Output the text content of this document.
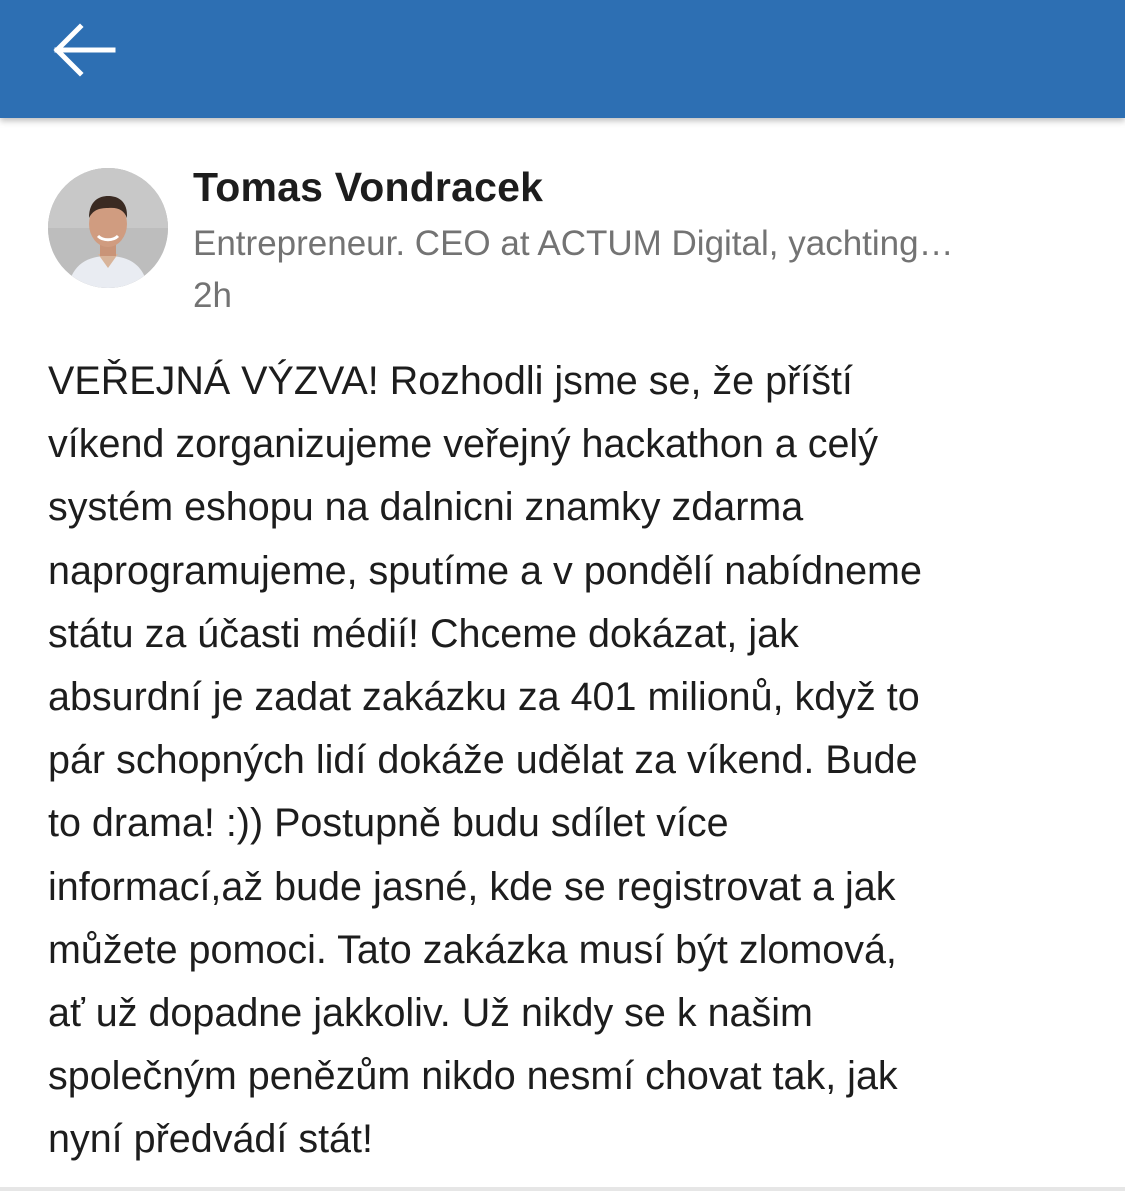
Tomas Vondracek
Entrepreneur. CEO at ACTUM Digital, yachting…
2h
VEŘEJNÁ VÝZVA! Rozhodli jsme se, že příští
víkend zorganizujeme veřejný hackathon a celý
systém eshopu na dalnicni znamky zdarma
naprogramujeme, sputíme a v pondělí nabídneme
státu za účasti médií! Chceme dokázat, jak
absurdní je zadat zakázku za 401 milionů, když to
pár schopných lidí dokáže udělat za víkend. Bude
to drama! :)) Postupně budu sdílet více
informací,až bude jasné, kde se registrovat a jak
můžete pomoci. Tato zakázka musí být zlomová,
ať už dopadne jakkoliv. Už nikdy se k našim
společným penězům nikdo nesmí chovat tak, jak
nyní předvádí stát!
